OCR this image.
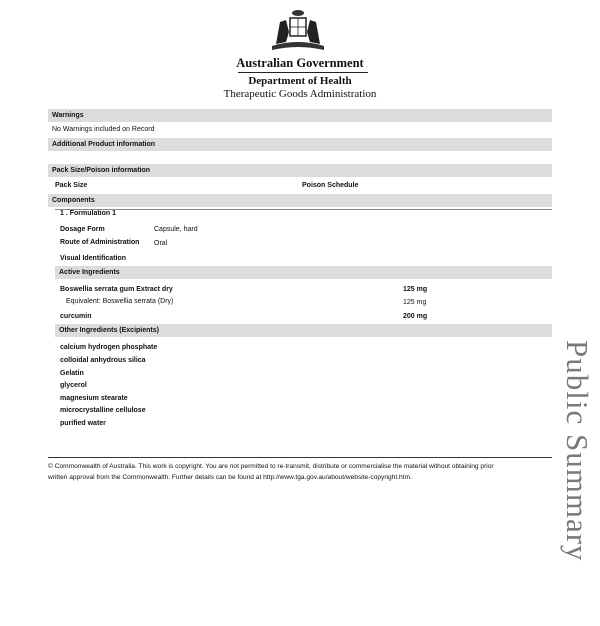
Australian Government
Department of Health
Therapeutic Goods Administration
Warnings
No Warnings included on Record
Additional Product information
Pack Size/Poison information
Pack Size	Poison Schedule
Components
1 . Formulation 1
Dosage Form	Capsule, hard
Route of Administration Oral
Visual Identification
Active Ingredients
Boswellia serrata gum Extract dry	125 mg
Equivalent: Boswellia serrata (Dry)	125 mg
curcumin	200 mg
Other Ingredients (Excipients)
calcium hydrogen phosphate
colloidal anhydrous silica
Gelatin
glycerol
magnesium stearate
microcrystalline cellulose
purified water
© Commonwealth of Australia. This work is copyright. You are not permitted to re-transmit, distribute or commercialise the material without obtaining prior
written approval from the Commonwealth. Further details can be found at http://www.tga.gov.au/about/website-copyright.htm.	Public Summary
